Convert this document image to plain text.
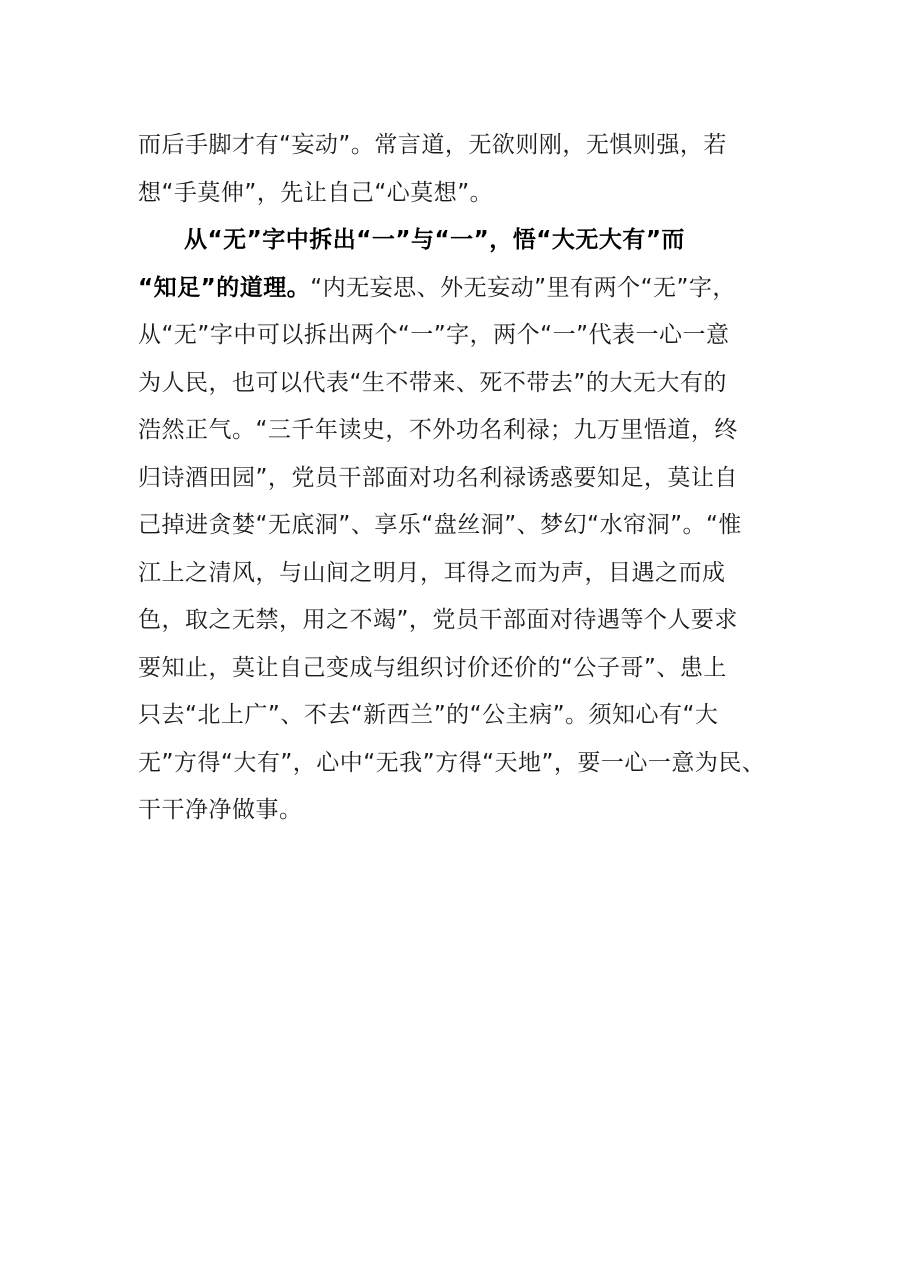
而后手脚才有“妄动”。常言道，无欲则刚，无惧则强，若
想“手莫伸”，先让自己“心莫想”。
从“无”字中拆出“一”与“一”，悟“大无大有”而
“知足”的道理。“内无妄思、外无妄动”里有两个“无”字，
从“无”字中可以拆出两个“一”字，两个“一”代表一心一意
为人民，也可以代表“生不带来、死不带去”的大无大有的
浩然正气。“三千年读史，不外功名利禄；九万里悟道，终
归诗酒田园”，党员干部面对功名利禄诱惑要知足，莫让自
己掉进贪婪“无底洞”、享乐“盘丝洞”、梦幻“水帘洞”。“惟
江上之清风，与山间之明月，耳得之而为声，目遇之而成
色，取之无禁，用之不竭”，党员干部面对待遇等个人要求
要知止，莫让自己变成与组织讨价还价的“公子哥”、患上
只去“北上广”、不去“新西兰”的“公主病”。须知心有“大
无”方得“大有”，心中“无我”方得“天地”，要一心一意为民、
干干净净做事。
